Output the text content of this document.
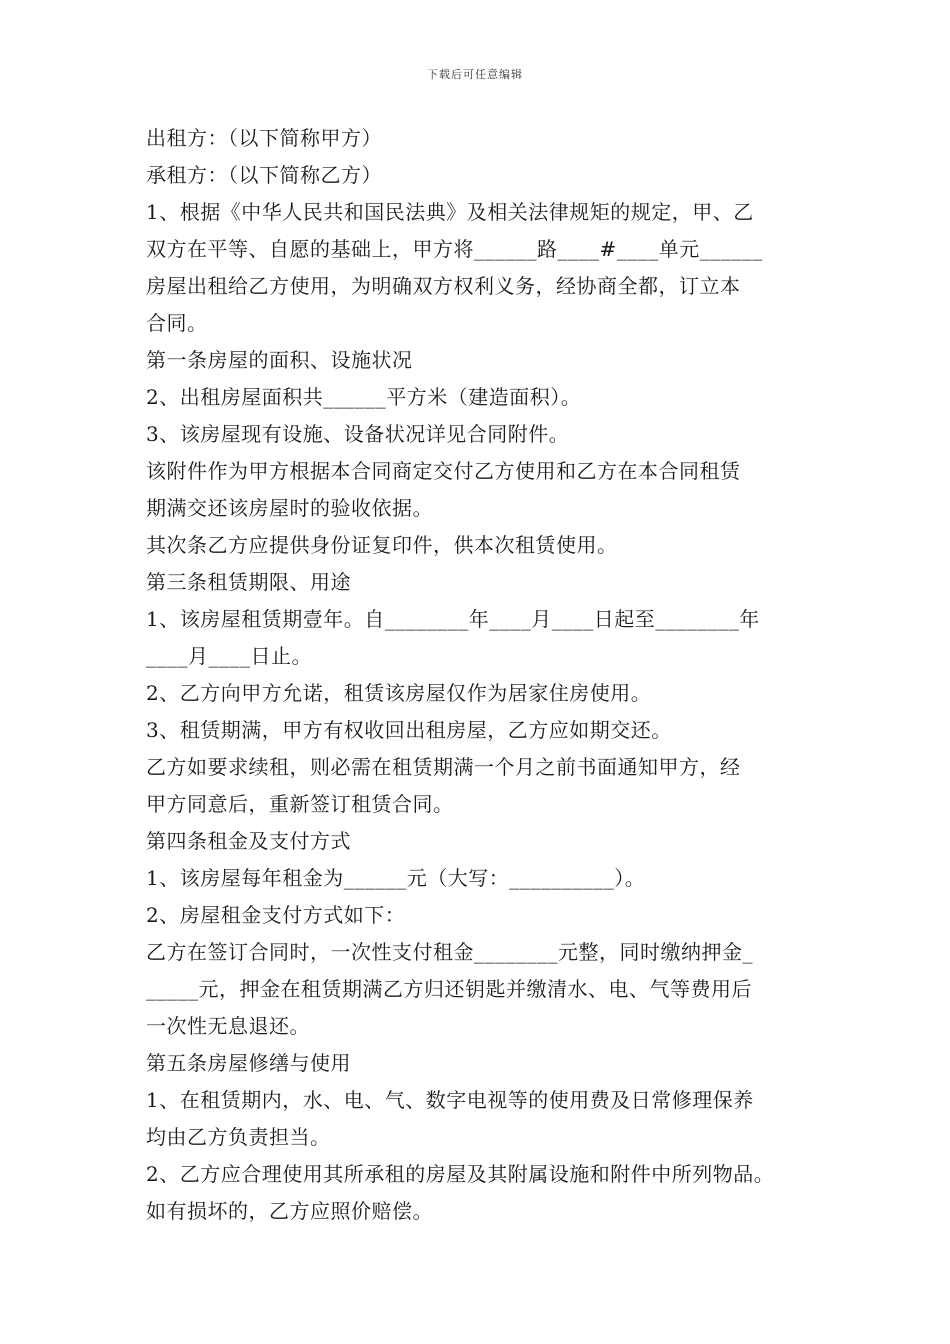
下载后可任意编辑
出租方：（以下简称甲方）
承租方：（以下简称乙方）
1、根据《中华人民共和国民法典》及相关法律规矩的规定，甲、乙
双方在平等、自愿的基础上，甲方将______路____#____单元______
房屋出租给乙方使用，为明确双方权利义务，经协商全都，订立本
合同。
第一条房屋的面积、设施状况
2、出租房屋面积共______平方米（建造面积）。
3、该房屋现有设施、设备状况详见合同附件。
该附件作为甲方根据本合同商定交付乙方使用和乙方在本合同租赁
期满交还该房屋时的验收依据。
其次条乙方应提供身份证复印件，供本次租赁使用。
第三条租赁期限、用途
1、该房屋租赁期壹年。自________年____月____日起至________年
____月____日止。
2、乙方向甲方允诺，租赁该房屋仅作为居家住房使用。
3、租赁期满，甲方有权收回出租房屋，乙方应如期交还。
乙方如要求续租，则必需在租赁期满一个月之前书面通知甲方，经
甲方同意后，重新签订租赁合同。
第四条租金及支付方式
1、该房屋每年租金为______元（大写：__________）。
2、房屋租金支付方式如下：
乙方在签订合同时，一次性支付租金________元整，同时缴纳押金_
_____元，押金在租赁期满乙方归还钥匙并缴清水、电、气等费用后
一次性无息退还。
第五条房屋修缮与使用
1、在租赁期内，水、电、气、数字电视等的使用费及日常修理保养
均由乙方负责担当。
2、乙方应合理使用其所承租的房屋及其附属设施和附件中所列物品。
如有损坏的，乙方应照价赔偿。
